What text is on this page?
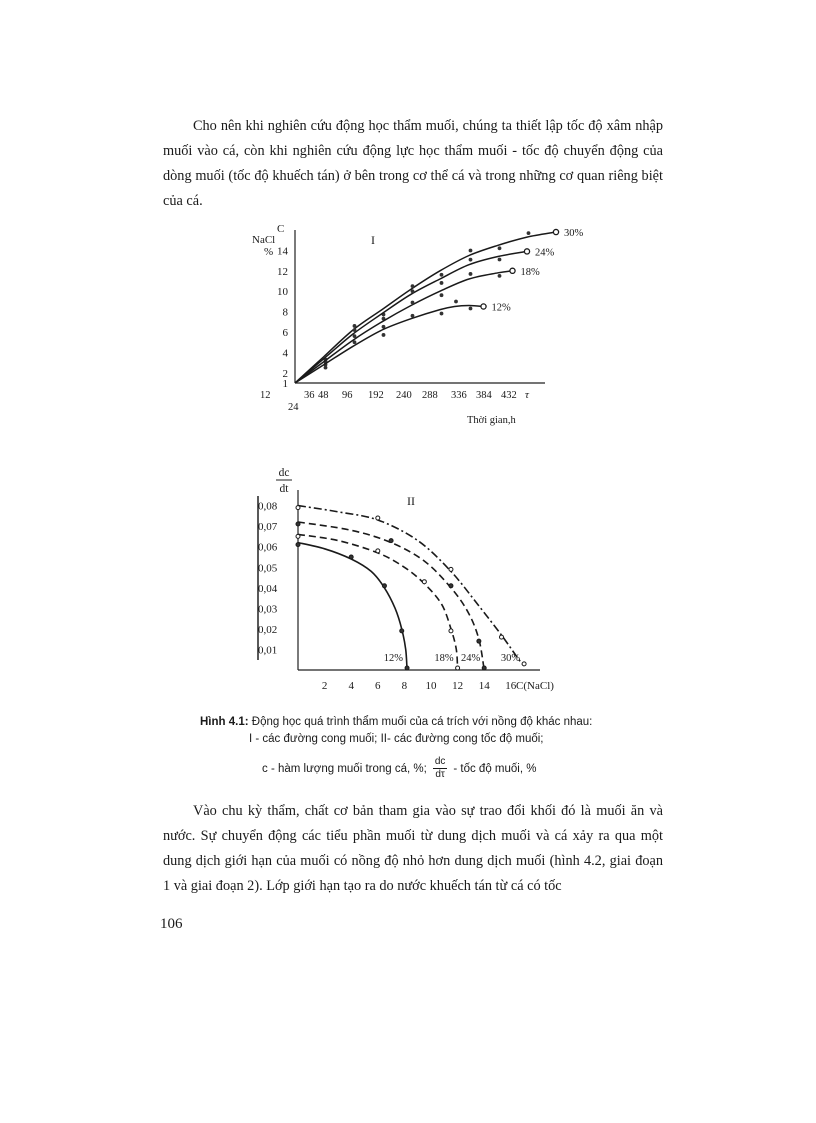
Cho nên khi nghiên cứu động học thẩm muối, chúng ta thiết lập tốc độ xâm nhập muối vào cá, còn khi nghiên cứu động lực học thẩm muối - tốc độ chuyển động của dòng muối (tốc độ khuếch tán) ở bên trong cơ thể cá và trong những cơ quan riêng biệt của cá.

C
NaCl
%
I
1
2
4
6
8
10
12
14
12
24
36 48 96 192 240 288 336 384 432 τ
Thời gian,h
30%
24%
18%
12%
dc
dt
II
0,01
0,02
0,03
0,04
0,05
0,06
0,07
0,08
2 4 6 8 10 12 14 16 C(NaCl)
12%	18% 24% 30%
Hình 4.1: Động học quá trình thẩm muối của cá trích với nồng độ khác nhau:
I - các đường cong muối; II- các đường cong tốc độ muối;
c - hàm lượng muối trong cá, %; $\frac{dc}{d\tau}$ - tốc độ muối, %

Vào chu kỳ thẩm, chất cơ bản tham gia vào sự trao đổi khối đó là muối ăn và nước. Sự chuyển động các tiểu phần muối từ dung dịch muối và cá xảy ra qua một dung dịch giới hạn của muối có nồng độ nhỏ hơn dung dịch muối (hình 4.2, giai đoạn 1 và giai đoạn 2). Lớp giới hạn tạo ra do nước khuếch tán từ cá có tốc

106
